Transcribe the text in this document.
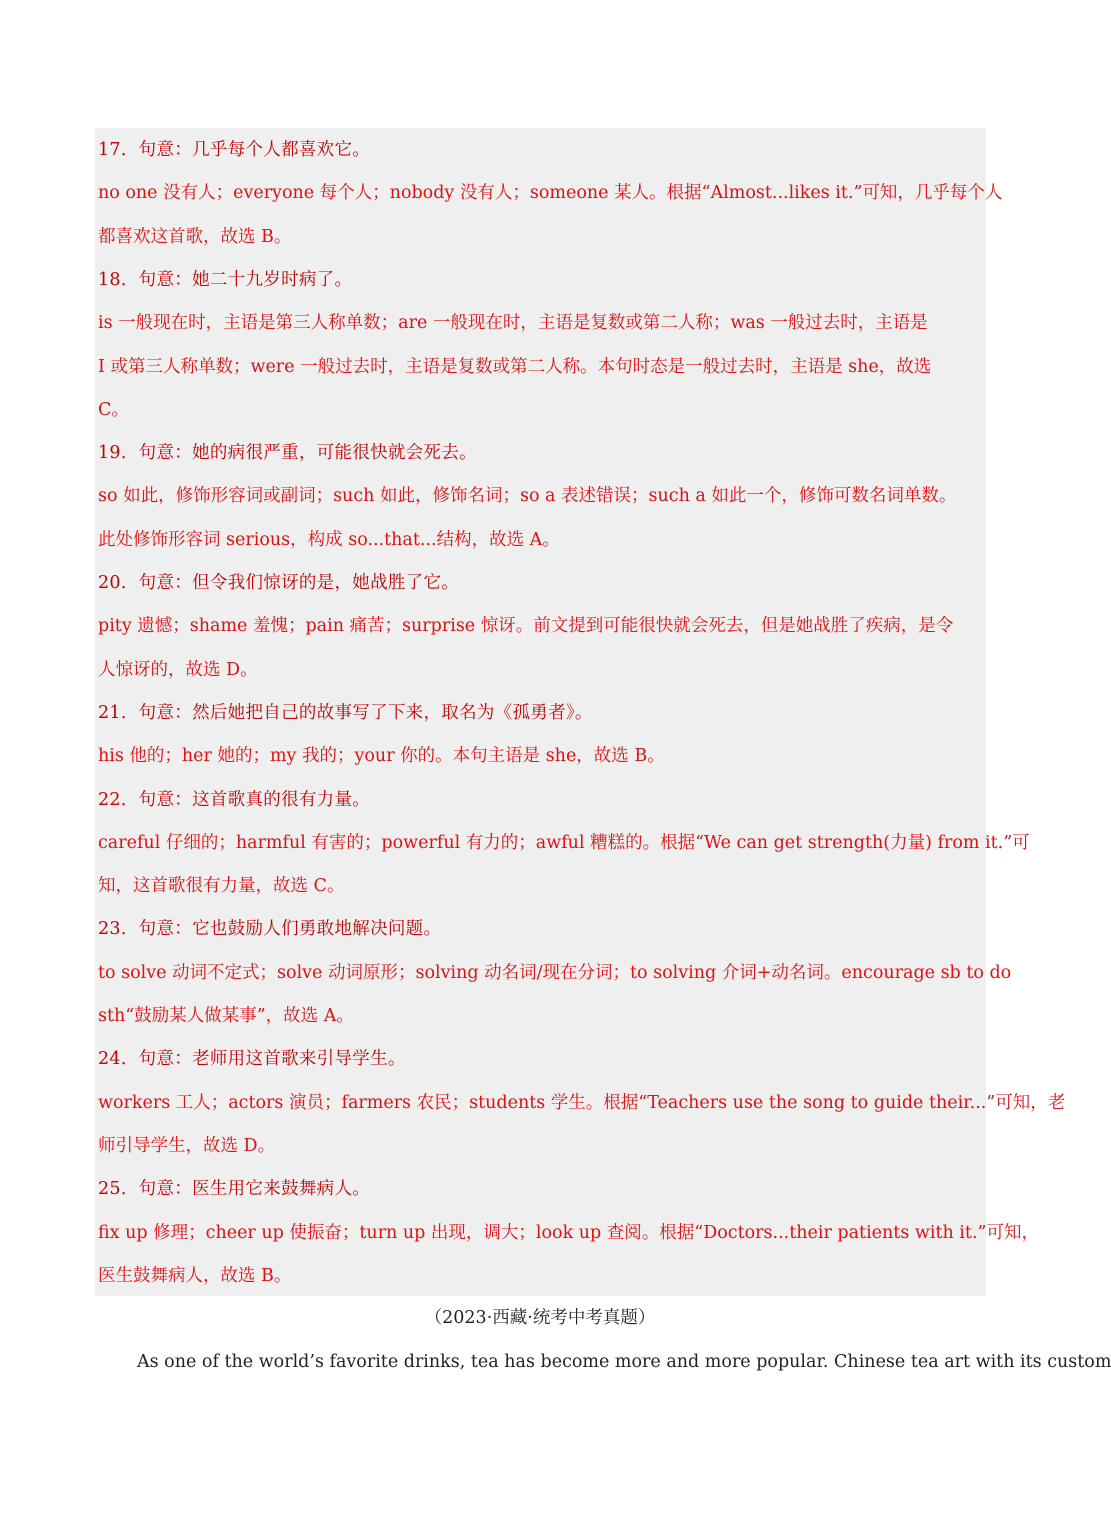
17．句意：几乎每个人都喜欢它。
no one 没有人；everyone 每个人；nobody 没有人；someone 某人。根据“Almost...likes it.”可知，几乎每个人
都喜欢这首歌，故选 B。
18．句意：她二十九岁时病了。
is 一般现在时，主语是第三人称单数；are 一般现在时，主语是复数或第二人称；was 一般过去时，主语是
I 或第三人称单数；were 一般过去时，主语是复数或第二人称。本句时态是一般过去时，主语是 she，故选
C。
19．句意：她的病很严重，可能很快就会死去。
so 如此，修饰形容词或副词；such 如此，修饰名词；so a 表述错误；such a 如此一个，修饰可数名词单数。
此处修饰形容词 serious，构成 so...that...结构，故选 A。
20．句意：但令我们惊讶的是，她战胜了它。
pity 遗憾；shame 羞愧；pain 痛苦；surprise 惊讶。前文提到可能很快就会死去，但是她战胜了疾病，是令
人惊讶的，故选 D。
21．句意：然后她把自己的故事写了下来，取名为《孤勇者》。
his 他的；her 她的；my 我的；your 你的。本句主语是 she，故选 B。
22．句意：这首歌真的很有力量。
careful 仔细的；harmful 有害的；powerful 有力的；awful 糟糕的。根据“We can get strength(力量) from it.”可
知，这首歌很有力量，故选 C。
23．句意：它也鼓励人们勇敢地解决问题。
to solve 动词不定式；solve 动词原形；solving 动名词/现在分词；to solving 介词+动名词。encourage sb to do
sth“鼓励某人做某事”，故选 A。
24．句意：老师用这首歌来引导学生。
workers 工人；actors 演员；farmers 农民；students 学生。根据“Teachers use the song to guide their...”可知，老
师引导学生，故选 D。
25．句意：医生用它来鼓舞病人。
fix up 修理；cheer up 使振奋；turn up 出现，调大；look up 查阅。根据“Doctors...their patients with it.”可知，
医生鼓舞病人，故选 B。
（2023·西藏·统考中考真题）
As one of the world’s favorite drinks, tea has become more and more popular. Chinese tea art with its custom
